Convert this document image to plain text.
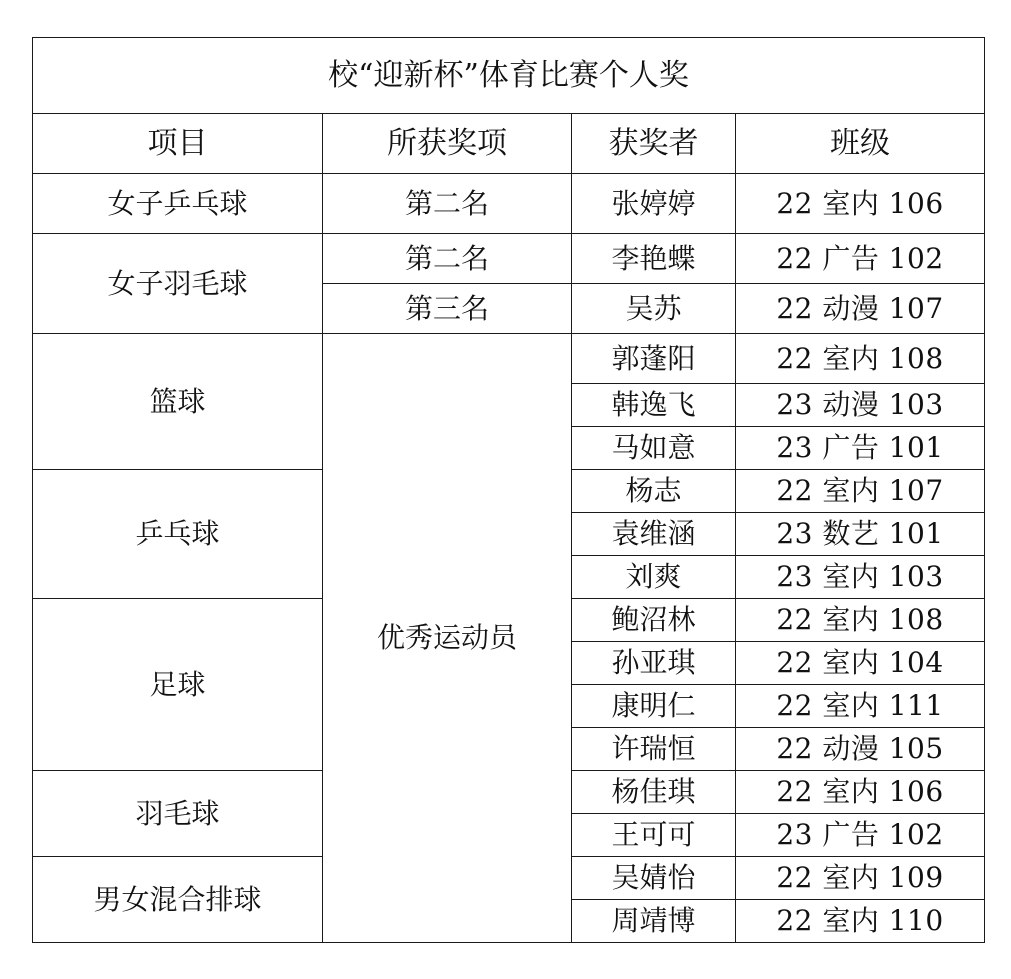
校“迎新杯”体育比赛个人奖			
项目	所获奖项	获奖者	班级
女子乒乓球	第二名	张婷婷	22 室内 106
女子羽毛球	第二名	李艳蝶	22 广告 102
	第三名	吴苏	22 动漫 107
篮球	优秀运动员	郭蓬阳	22 室内 108
		韩逸飞	23 动漫 103
		马如意	23 广告 101
乒乓球		杨志	22 室内 107
		袁维涵	23 数艺 101
		刘爽	23 室内 103
足球		鲍沼林	22 室内 108
		孙亚琪	22 室内 104
		康明仁	22 室内 111
		许瑞恒	22 动漫 105
羽毛球		杨佳琪	22 室内 106
		王可可	23 广告 102
男女混合排球		吴婧怡	22 室内 109
		周靖博	22 室内 110
